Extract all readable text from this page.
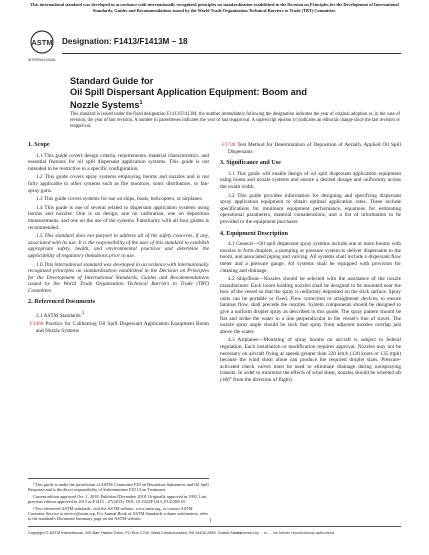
This international standard was developed in accordance with internationally recognized principles on standardization established in the Decision on Principles for the Development of International Standards, Guides and Recommendations issued by the World Trade Organization Technical Barriers to Trade (TBT) Committee.
ASTM
INTERNATIONAL
Designation: F1413/F1413M – 18
Standard Guide for
Oil Spill Dispersant Application Equipment: Boom and
Nozzle Systems$^1$
This standard is issued under the fixed designation F1413/F1413M; the number immediately following the designation indicates the year of original adoption or, in the case of revision, the year of last revision. A number in parentheses indicates the year of last reapproval. A superscript epsilon (ε) indicates an editorial change since the last revision or reapproval.
1. Scope

1.1 This guide covers design criteria, requirements, material characteristics, and essential features for oil spill dispersant application systems. This guide is not intended to be restrictive to a specific configuration.

1.2 This guide covers spray systems employing booms and nozzles and is not fully applicable to other systems such as fire monitors, sonic distributors, or fan-spray guns.

1.3 This guide covers systems for use on ships, boats, helicopters, or airplanes.

1.4 This guide is one of several related to dispersant application systems using booms and nozzles. One is on design, one on calibration, one on deposition measurements, and one on the use of the systems. Familiarity with all four guides is recommended.

1.5 This standard does not purport to address all of the safety concerns, if any, associated with its use. It is the responsibility of the user of this standard to establish appropriate safety, health, and environmental practices and determine the applicability of regulatory limitations prior to use.

1.6 This international standard was developed in accordance with internationally recognized principles on standardization established in the Decision on Principles for the Development of International Standards, Guides and Recommendations issued by the World Trade Organization Technical Barriers to Trade (TBT) Committee.

2. Referenced Documents

2.1 ASTM Standards:$^2$

F1460 Practice for Calibrating Oil Spill Dispersant Application Equipment Boom and Nozzle Systems

F1738 Test Method for Determination of Deposition of Aerially Applied Oil Spill Dispersants

3. Significance and Use

3.1 This guide will enable design of oil spill dispersant application equipment using boom and nozzle systems and ensure a desired dosage and uniformity across the swath width.

3.2 This guide provides information for designing and specifying dispersant spray application equipment to obtain optimal application rates. These include specifications for minimum equipment performance, equations for estimating operational parameters, material considerations, and a list of information to be provided to the equipment purchaser.

4. Equipment Description

4.1 General—Oil spill dispersant spray systems include one or more booms with nozzles to form droplets, a pumping or pressure system to deliver dispersants to the boom, and associated piping and valving. All systems shall include a dispersant flow meter and a pressure gauge. All systems shall be equipped with provision for cleaning and drainage.

4.2 Ship/Boat—Nozzles should be selected with the assistance of the nozzle manufacturer. Each boom holding nozzles shall be designed to be mounted near the bow of the vessel so that the spray is uniformly deposited on the slick surface. Spray units can be portable or fixed. Flow correction or straightener devices, to ensure laminar flow, shall precede the nozzles. System components should be designed to give a uniform droplet spray as described in this guide. The spray pattern should be flat and strike the water in a line perpendicular to the vessel's line of travel. The nozzle spray angle should be such that spray from adjacent nozzles overlap just above the water.

4.3 Airplanes—Mounting of spray booms on aircraft is subject to federal regulation. Each installation or modification requires approval. Nozzles may not be necessary on aircraft flying at speeds greater than 220 km/h (120 knots or 135 mph) because the wind shear alone can produce the required droplet sizes. Pressure-activated check valves must be used to eliminate drainage during nonspraying transits. In order to minimize the effects of wind shear, nozzles should be oriented aft (180° from the direction of flight).

¹ This guide is under the jurisdiction of ASTM Committee F20 on Hazardous Substances and Oil Spill Response and is the direct responsibility of Subcommittee F20.13 on Treatment.

Current edition approved Oct. 1, 2018. Published December 2018. Originally approved in 1992. Last previous edition approved in 2013 as F1413 – 07(2013). DOI: 10.1520/F1413_F1413M-18.

² For referenced ASTM standards, visit the ASTM website, www.astm.org, or contact ASTM Customer Service at service@astm.org. For Annual Book of ASTM Standards volume information, refer to the standard's Document Summary page on the ASTM website.

1
Copyright © ASTM International, 100 Barr Harbor Drive, PO Box C700, West Conshohocken, PA 19428-2959. United States
Licensed by ... to ... No further reproductions authorized.
